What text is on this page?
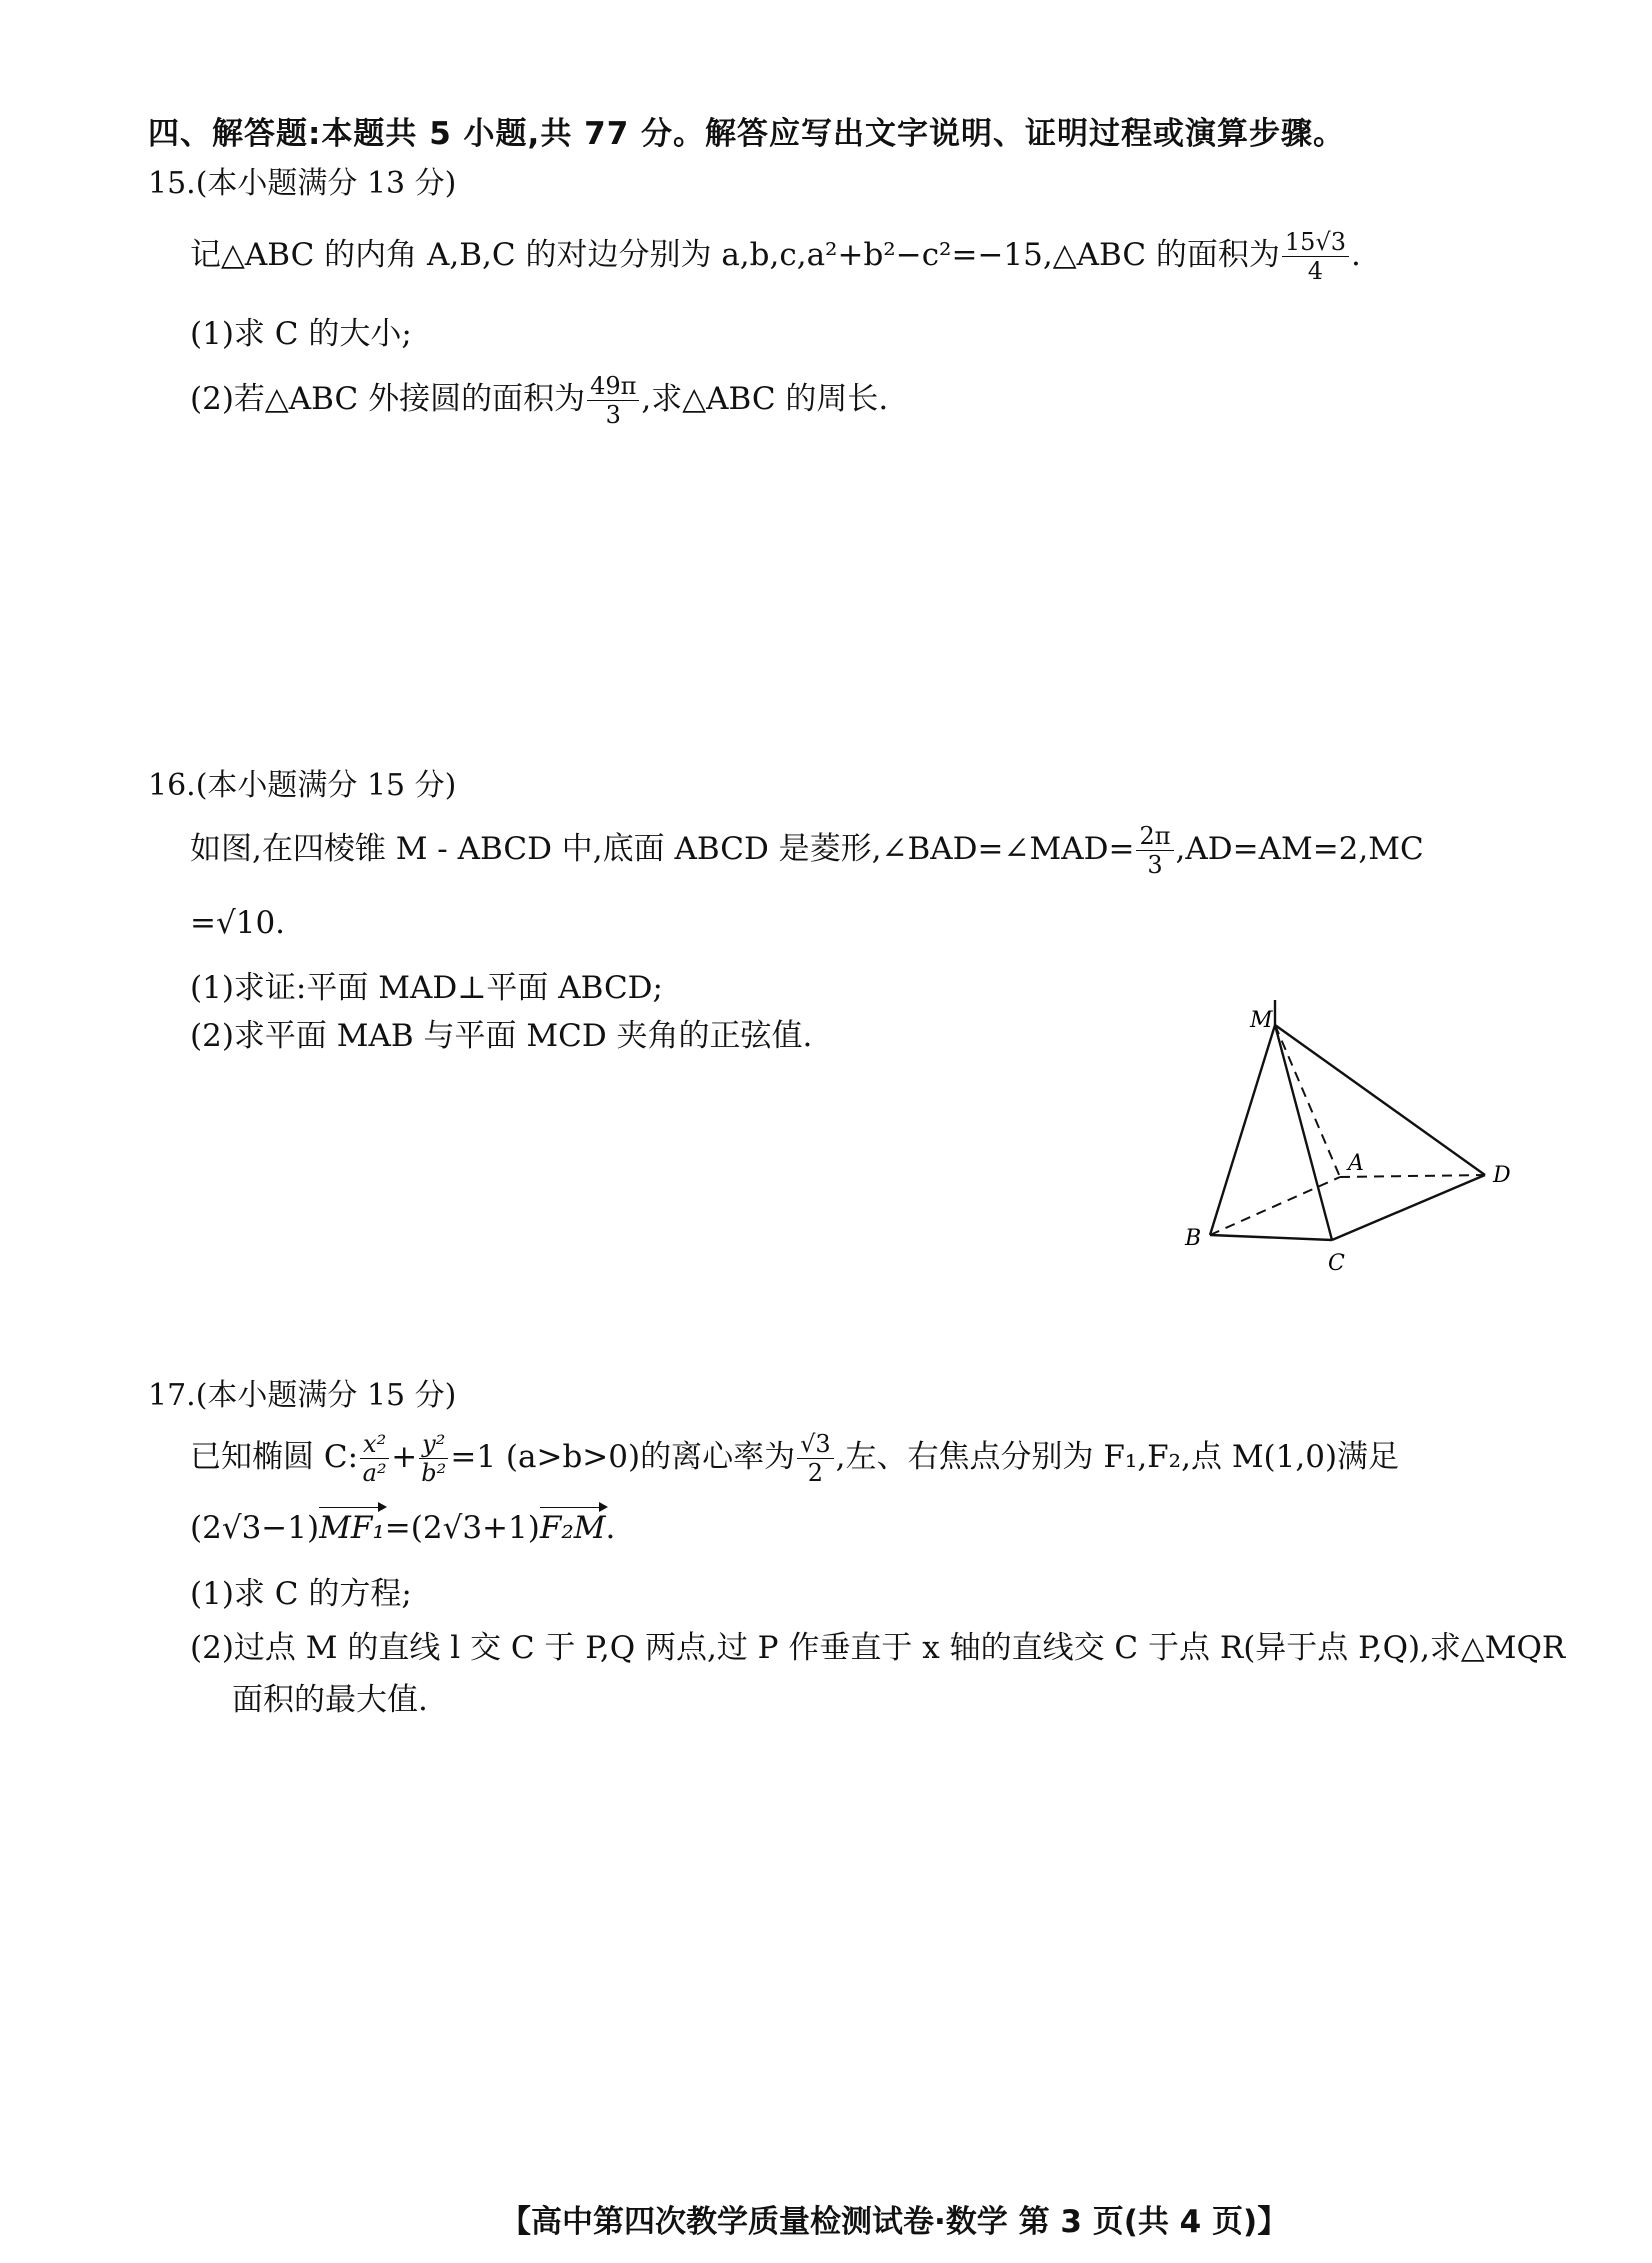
四、解答题:本题共 5 小题,共 77 分。解答应写出文字说明、证明过程或演算步骤。
15.(本小题满分 13 分)
记△ABC 的内角 A,B,C 的对边分别为 a,b,c,a²+b²−c²=−15,△ABC 的面积为 $\frac{15√3}{4}$ .
(1)求 C 的大小;
(2)若△ABC 外接圆的面积为 $\frac{49\pi}{3}$ ,求△ABC 的周长.
16.(本小题满分 15 分)
如图,在四棱锥 M - ABCD 中,底面 ABCD 是菱形,∠BAD=∠MAD= $\frac{2\pi}{3} ,AD=AM=2,MC$
=√10.
(1)求证:平面 MAD⊥平面 ABCD;
(2)求平面 MAB 与平面 MCD 夹角的正弦值.	M
A
B
C
D
17.(本小题满分 15 分)
已知椭圆 C: $\frac{\text{x²}}{\text{a²}} + \frac{\text{y²}}{\text{b²}} =1$ (a>b>0)的离心率为 $\frac{√3}{2}$ ,左、右焦点分别为 F₁,F₂,点 M(1,0)满足
(2√3−1)MF₁=(2√3+1)F₂M.
(1)求 C 的方程;
(2)过点 M 的直线 l 交 C 于 P,Q 两点,过 P 作垂直于 x 轴的直线交 C 于点 R(异于点 P,Q),求△MQR
面积的最大值.
【高中第四次教学质量检测试卷·数学 第 3 页(共 4 页)】
